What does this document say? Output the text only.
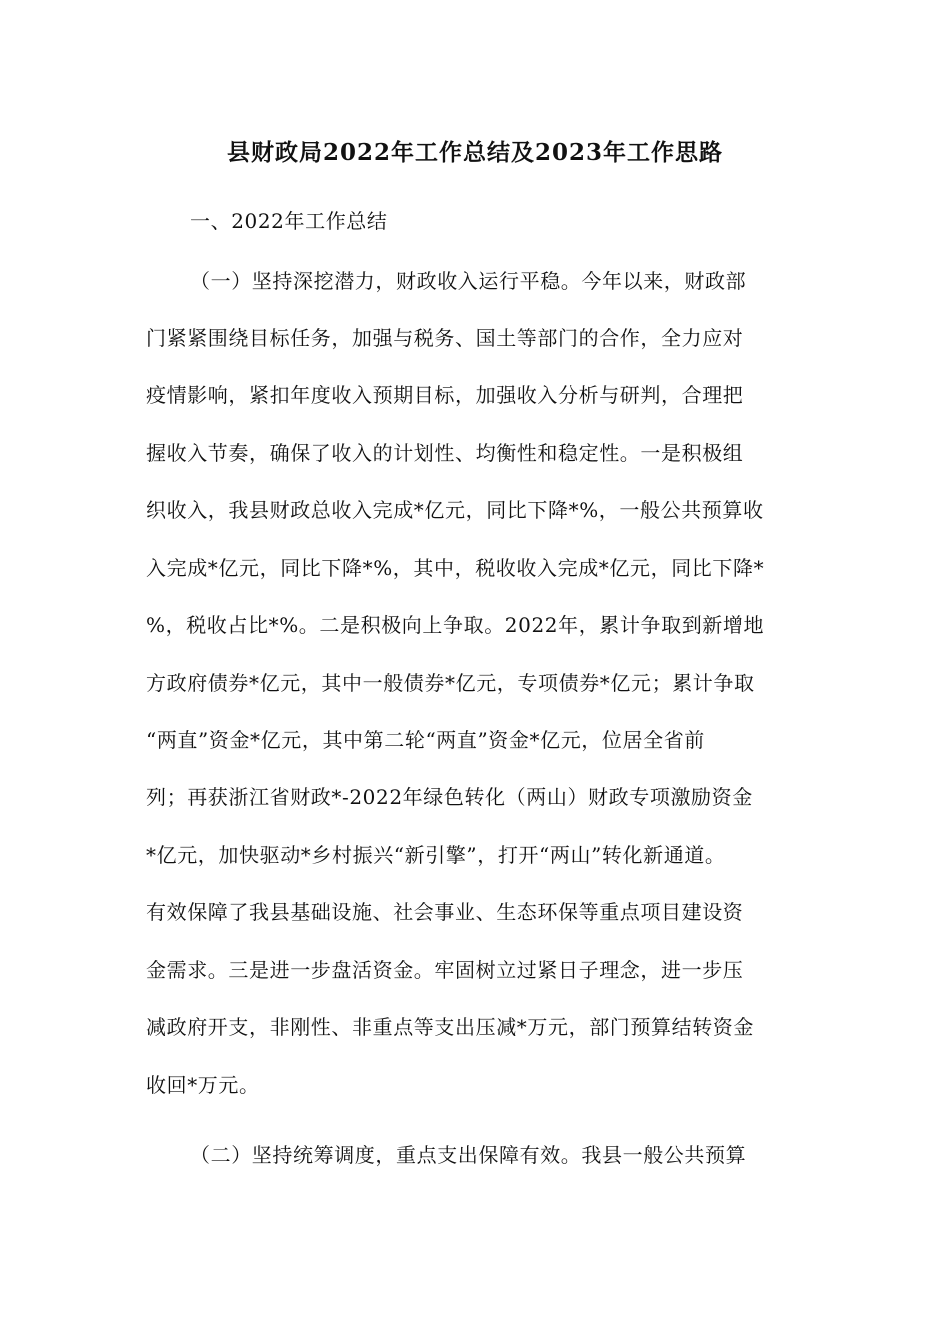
县财政局2022年工作总结及2023年工作思路
一、2022年工作总结
（一）坚持深挖潜力，财政收入运行平稳。今年以来，财政部
门紧紧围绕目标任务，加强与税务、国土等部门的合作，全力应对
疫情影响，紧扣年度收入预期目标，加强收入分析与研判，合理把
握收入节奏，确保了收入的计划性、均衡性和稳定性。一是积极组
织收入，我县财政总收入完成*亿元，同比下降*%，一般公共预算收
入完成*亿元，同比下降*%，其中，税收收入完成*亿元，同比下降*
%，税收占比*%。二是积极向上争取。2022年，累计争取到新增地
方政府债券*亿元，其中一般债券*亿元，专项债券*亿元；累计争取
“两直”资金*亿元，其中第二轮“两直”资金*亿元，位居全省前
列；再获浙江省财政*-2022年绿色转化（两山）财政专项激励资金
*亿元，加快驱动*乡村振兴“新引擎”，打开“两山”转化新通道。
有效保障了我县基础设施、社会事业、生态环保等重点项目建设资
金需求。三是进一步盘活资金。牢固树立过紧日子理念，进一步压
减政府开支，非刚性、非重点等支出压减*万元，部门预算结转资金
收回*万元。
（二）坚持统筹调度，重点支出保障有效。我县一般公共预算
